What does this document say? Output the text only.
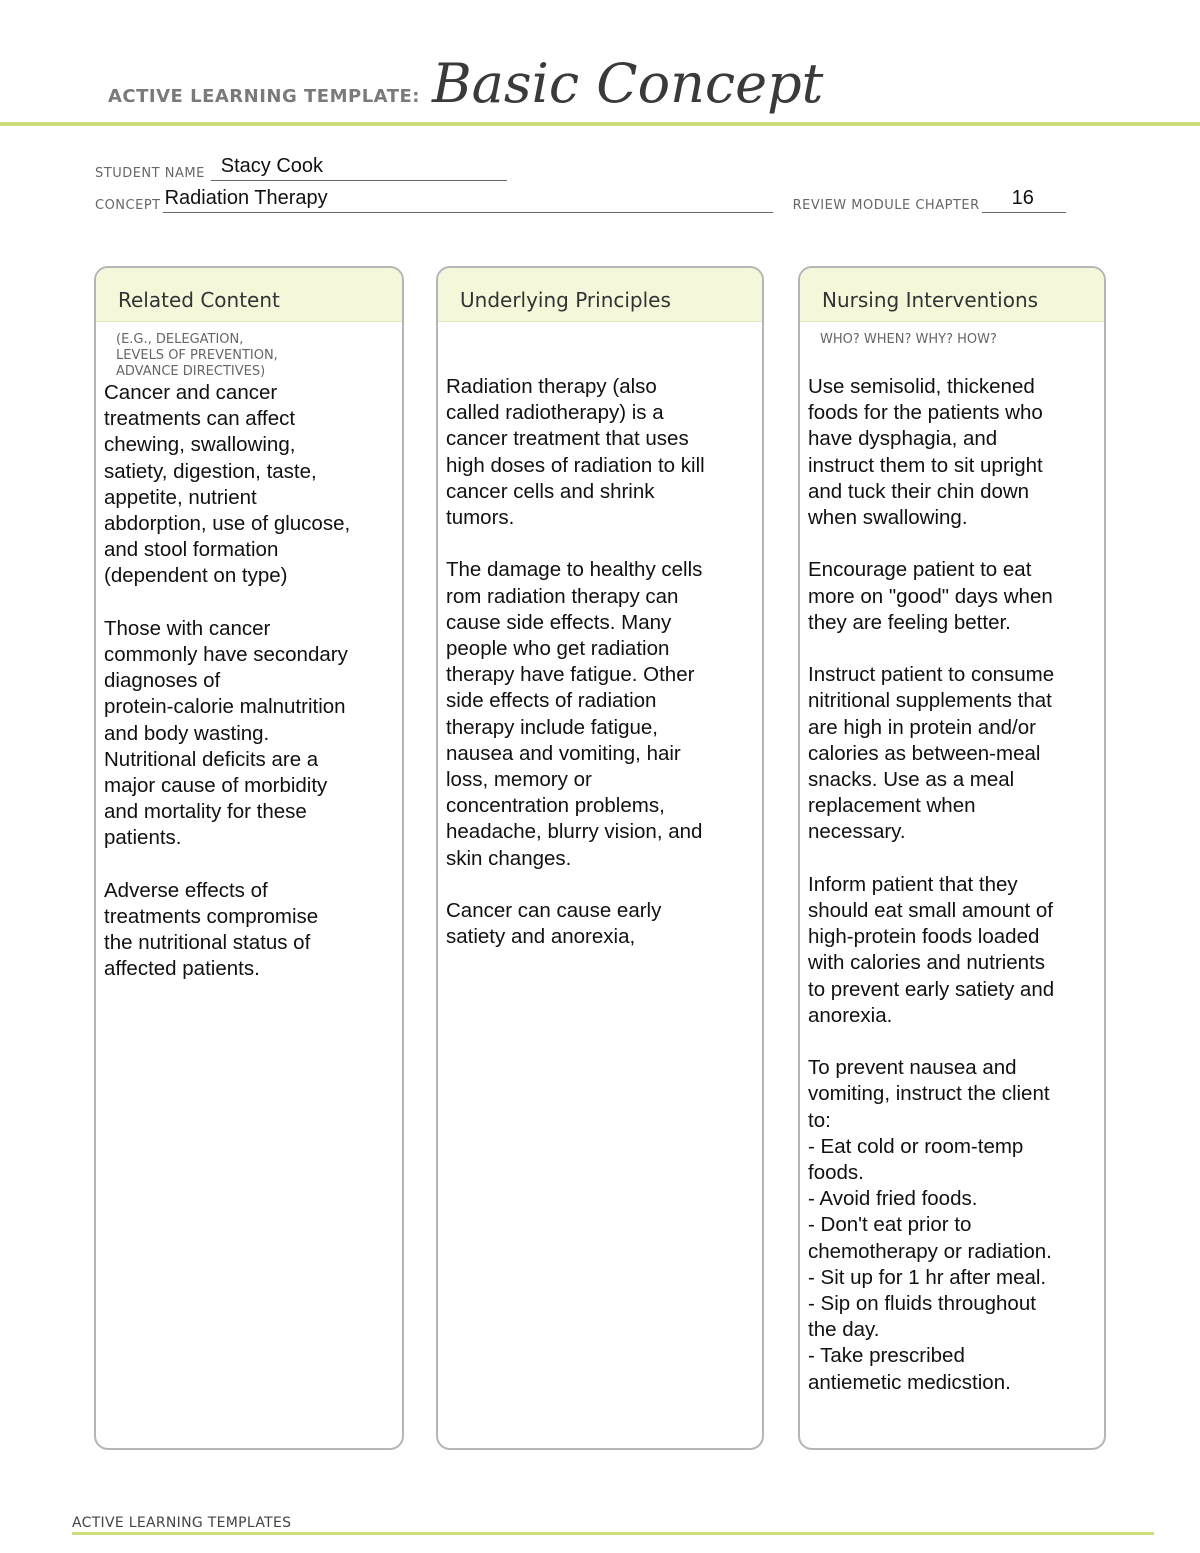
ACTIVE LEARNING TEMPLATE: Basic Concept
STUDENT NAME Stacy Cook
CONCEPT Radiation Therapy	REVIEW MODULE CHAPTER 16
Related Content
(E.G., DELEGATION,
LEVELS OF PREVENTION,
ADVANCE DIRECTIVES)

Cancer and cancer
treatments can affect
chewing, swallowing,
satiety, digestion, taste,
appetite, nutrient
abdorption, use of glucose,
and stool formation
(dependent on type)

Those with cancer
commonly have secondary
diagnoses of
protein-calorie malnutrition
and body wasting.
Nutritional deficits are a
major cause of morbidity
and mortality for these
patients.

Adverse effects of
treatments compromise
the nutritional status of
affected patients.

Underlying Principles

Radiation therapy (also
called radiotherapy) is a
cancer treatment that uses
high doses of radiation to kill
cancer cells and shrink
tumors.

The damage to healthy cells
rom radiation therapy can
cause side effects. Many
people who get radiation
therapy have fatigue. Other
side effects of radiation
therapy include fatigue,
nausea and vomiting, hair
loss, memory or
concentration problems,
headache, blurry vision, and
skin changes.

Cancer can cause early
satiety and anorexia,

Nursing Interventions
WHO? WHEN? WHY? HOW?

Use semisolid, thickened
foods for the patients who
have dysphagia, and
instruct them to sit upright
and tuck their chin down
when swallowing.

Encourage patient to eat
more on "good" days when
they are feeling better.

Instruct patient to consume
nitritional supplements that
are high in protein and/or
calories as between-meal
snacks. Use as a meal
replacement when
necessary.

Inform patient that they
should eat small amount of
high-protein foods loaded
with calories and nutrients
to prevent early satiety and
anorexia.

To prevent nausea and
vomiting, instruct the client
to:
- Eat cold or room-temp
foods.
- Avoid fried foods.
- Don't eat prior to
chemotherapy or radiation.
- Sit up for 1 hr after meal.
- Sip on fluids throughout
the day.
- Take prescribed
antiemetic medicstion.

ACTIVE LEARNING TEMPLATES
